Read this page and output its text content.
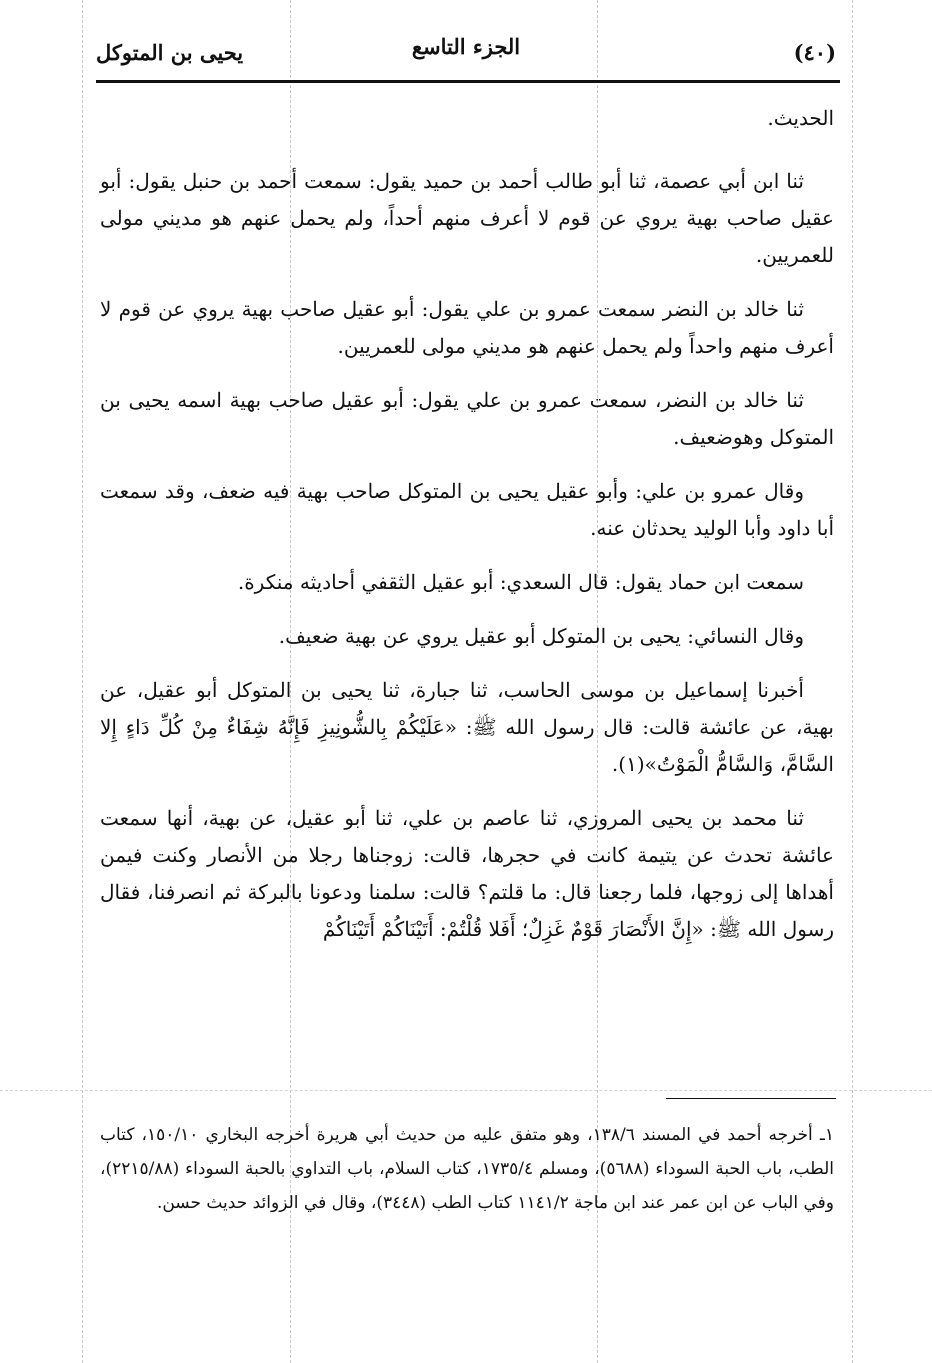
يحيى بن المتوكل	الجزء التاسع	(٤٠)

الحديث.

ثنا ابن أبي عصمة، ثنا أبو طالب أحمد بن حميد يقول: سمعت أحمد بن حنبل يقول: أبو عقيل صاحب بهية يروي عن قوم لا أعرف منهم أحداً، ولم يحمل عنهم هو مديني مولى للعمريين.

ثنا خالد بن النضر سمعت عمرو بن علي يقول: أبو عقيل صاحب بهية يروي عن قوم لا أعرف منهم واحداً ولم يحمل عنهم هو مديني مولى للعمريين.

ثنا خالد بن النضر، سمعت عمرو بن علي يقول: أبو عقيل صاحب بهية اسمه يحيى بن المتوكل وهوضعيف.

وقال عمرو بن علي: وأبو عقيل يحيى بن المتوكل صاحب بهية فيه ضعف، وقد سمعت أبا داود وأبا الوليد يحدثان عنه.

سمعت ابن حماد يقول: قال السعدي: أبو عقيل الثقفي أحاديثه منكرة.

وقال النسائي: يحيى بن المتوكل أبو عقيل يروي عن بهية ضعيف.

أخبرنا إسماعيل بن موسى الحاسب، ثنا جبارة، ثنا يحيى بن المتوكل أبو عقيل، عن بهية، عن عائشة قالت: قال رسول الله ﷺ: «عَلَيْكُمْ بِالشُّونِيزِ فَإِنَّهُ شِفَاءٌ مِنْ كُلِّ دَاءٍ إِلا السَّامَّ، وَالسَّامُّ الْمَوْتُ»(١).

ثنا محمد بن يحيى المروزي، ثنا عاصم بن علي، ثنا أبو عقيل، عن بهية، أنها سمعت عائشة تحدث عن يتيمة كانت في حجرها، قالت: زوجناها رجلا من الأنصار وكنت فيمن أهداها إلى زوجها، فلما رجعنا قال: ما قلتم؟ قالت: سلمنا ودعونا بالبركة ثم انصرفنا، فقال رسول الله ﷺ: «إِنَّ الأَنْصَارَ قَوْمٌ غَزِلٌ؛ أَفَلا قُلْتُمْ: أَتَيْنَاكُمْ أَتَيْنَاكُمْ

١ـ أخرجه أحمد في المسند ١٣٨/٦، وهو متفق عليه من حديث أبي هريرة أخرجه البخاري ١٥٠/١٠، كتاب الطب، باب الحبة السوداء (٥٦٨٨)، ومسلم ١٧٣٥/٤، كتاب السلام، باب التداوي بالحبة السوداء (٢٢١٥/٨٨)، وفي الباب عن ابن عمر عند ابن ماجة ١١٤١/٢ كتاب الطب (٣٤٤٨)، وقال في الزوائد حديث حسن.
